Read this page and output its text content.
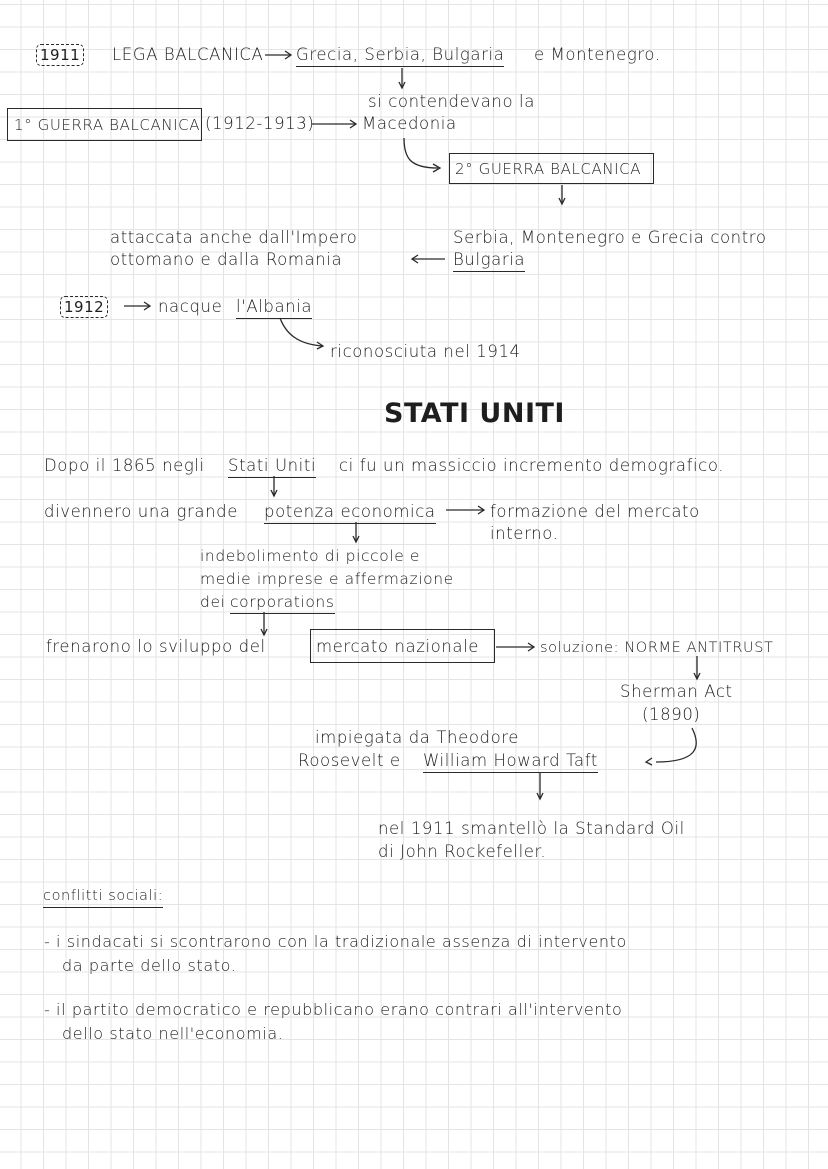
1911 LEGA BALCANICA Grecia, Serbia, Bulgaria e Montenegro.
si contendevano la
Macedonia
1° GUERRA BALCANICA (1912-1913)
2° GUERRA BALCANICA
Serbia, Montenegro e Grecia contro
Bulgaria
attaccata anche dall'Impero
ottomano e dalla Romania
1912	nacque l'Albania
riconosciuta nel 1914
STATI UNITI
Dopo il 1865 negli Stati Uniti ci fu un massiccio incremento demografico.
divennero una grande potenza economica	formazione del mercato
interno.
indebolimento di piccole e
medie imprese e affermazione
dei corporations
frenarono lo sviluppo del	mercato nazionale	soluzione: NORME ANTITRUST
Sherman Act
(1890)
impiegata da Theodore
Roosevelt e William Howard Taft
nel 1911 smantellò la Standard Oil
di John Rockefeller.
conflitti sociali:
- i sindacati si scontrarono con la tradizionale assenza di intervento
da parte dello stato.
- il partito democratico e repubblicano erano contrari all'intervento
dello stato nell'economia.
